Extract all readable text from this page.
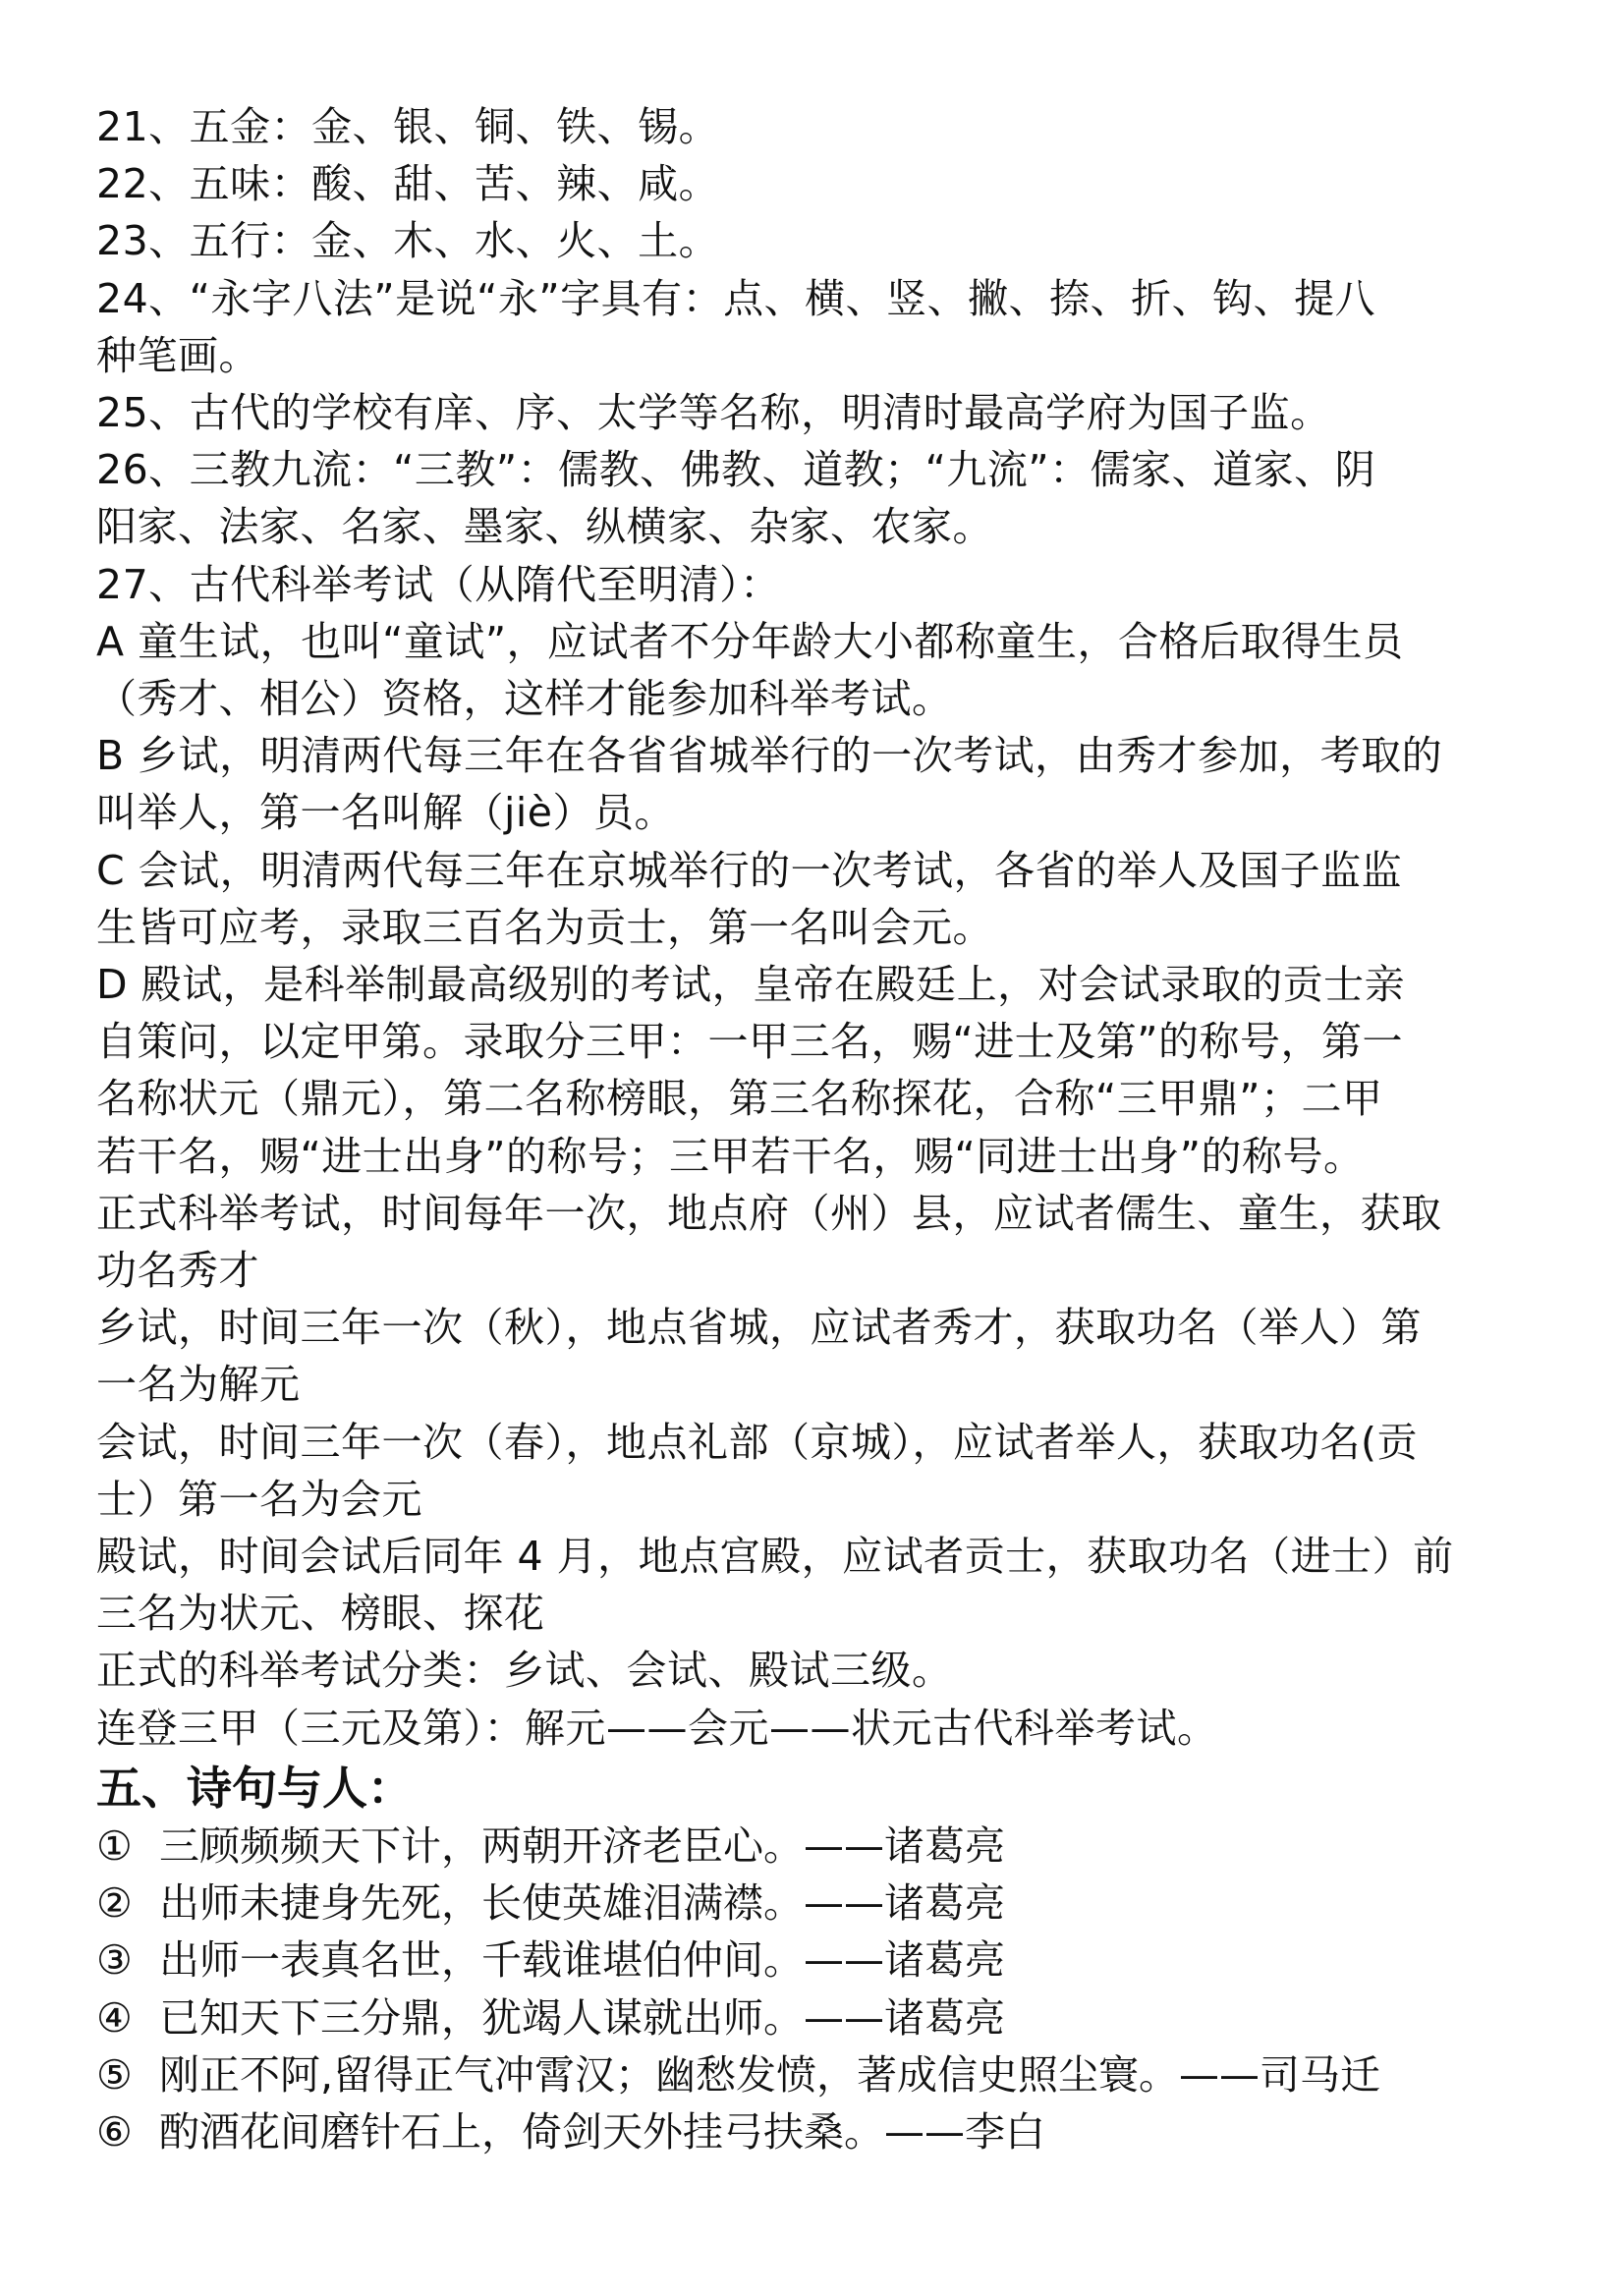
21、五金：金、银、铜、铁、锡。
22、五味：酸、甜、苦、辣、咸。
23、五行：金、木、水、火、土。
24、“永字八法”是说“永”字具有：点、横、竖、撇、捺、折、钩、提八
种笔画。
25、古代的学校有庠、序、太学等名称，明清时最高学府为国子监。
26、三教九流：“三教”：儒教、佛教、道教；“九流”：儒家、道家、阴
阳家、法家、名家、墨家、纵横家、杂家、农家。
27、古代科举考试（从隋代至明清）：
A 童生试，也叫“童试”，应试者不分年龄大小都称童生，合格后取得生员
（秀才、相公）资格，这样才能参加科举考试。
B 乡试，明清两代每三年在各省省城举行的一次考试，由秀才参加，考取的
叫举人，第一名叫解（jiè）员。
C 会试，明清两代每三年在京城举行的一次考试，各省的举人及国子监监
生皆可应考，录取三百名为贡士，第一名叫会元。
D 殿试，是科举制最高级别的考试，皇帝在殿廷上，对会试录取的贡士亲
自策问，以定甲第。录取分三甲：一甲三名，赐“进士及第”的称号，第一
名称状元（鼎元），第二名称榜眼，第三名称探花，合称“三甲鼎”；二甲
若干名，赐“进士出身”的称号；三甲若干名，赐“同进士出身”的称号。
正式科举考试，时间每年一次，地点府（州）县，应试者儒生、童生，获取
功名秀才
乡试，时间三年一次（秋），地点省城，应试者秀才，获取功名（举人）第
一名为解元
会试，时间三年一次（春），地点礼部（京城），应试者举人，获取功名(贡
士）第一名为会元
殿试，时间会试后同年 4 月，地点宫殿，应试者贡士，获取功名（进士）前
三名为状元、榜眼、探花
正式的科举考试分类：乡试、会试、殿试三级。
连登三甲（三元及第）：解元——会元——状元古代科举考试。
五、诗句与人：
① 三顾频频天下计，两朝开济老臣心。——诸葛亮
② 出师未捷身先死，长使英雄泪满襟。——诸葛亮
③ 出师一表真名世，千载谁堪伯仲间。——诸葛亮
④ 已知天下三分鼎，犹竭人谋就出师。——诸葛亮
⑤ 刚正不阿,留得正气冲霄汉；幽愁发愤，著成信史照尘寰。——司马迁
⑥ 酌酒花间磨针石上，倚剑天外挂弓扶桑。——李白
